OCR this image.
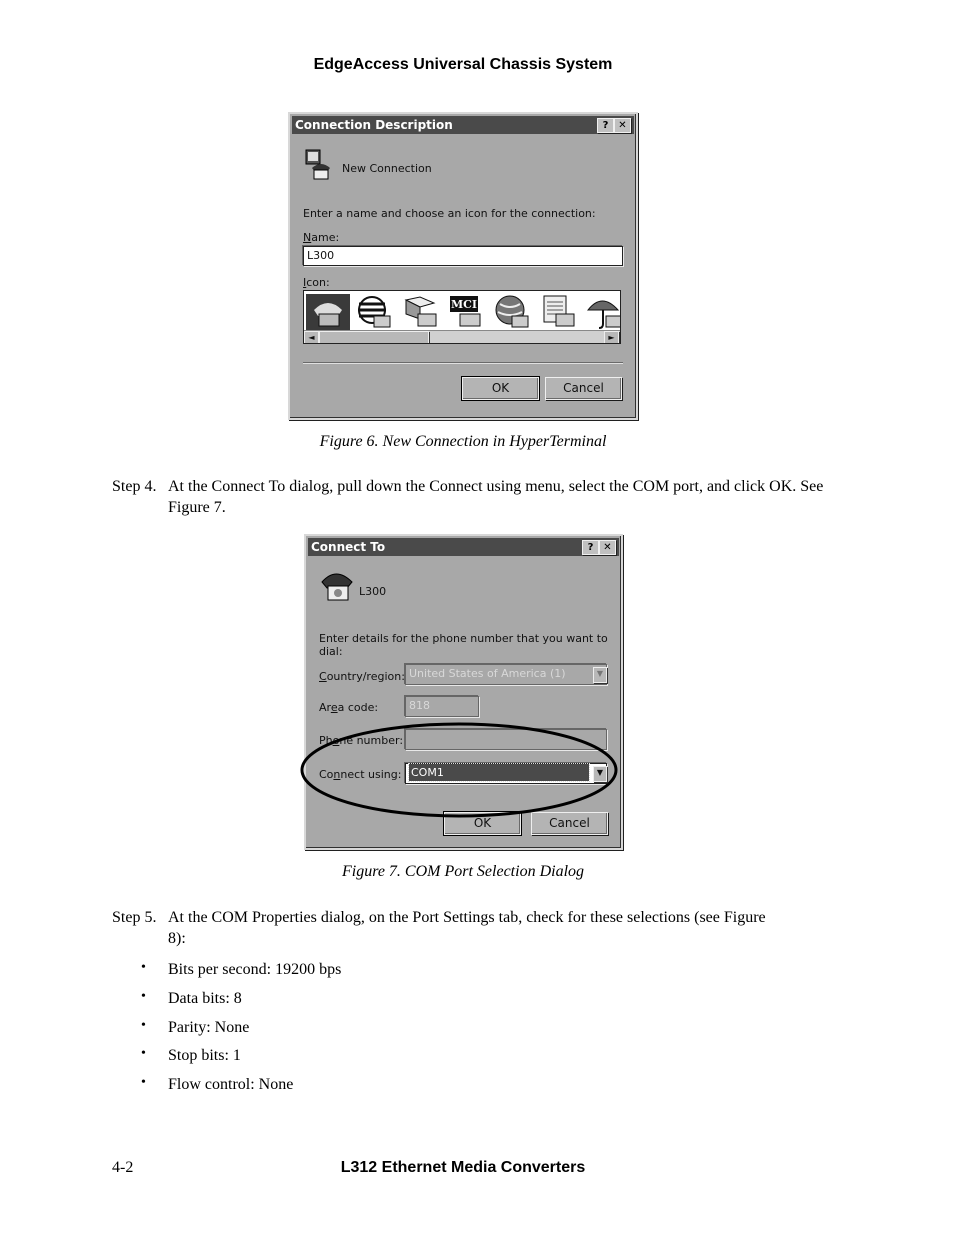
EdgeAccess Universal Chassis System
Connection Description	? ✕
New Connection
Enter a name and choose an icon for the connection:
Name:
L300
Icon:
MCI
◄	►
OK	Cancel
Figure 6. New Connection in HyperTerminal
Step 4. At the Connect To dialog, pull down the Connect using menu, select the COM port, and click OK. See Figure 7.
Connect To	? ✕
L300
Enter details for the phone number that you want to dial:
Country/region: United States of America (1)	▼
Area code:	818
Phone number:
Connect using: COM1	▼
OK	Cancel
Figure 7. COM Port Selection Dialog
Step 5. At the COM Properties dialog, on the Port Settings tab, check for these selections (see Figure 8):
• Bits per second: 19200 bps
• Data bits: 8
• Parity: None
• Stop bits: 1
• Flow control: None
4-2	L312 Ethernet Media Converters
